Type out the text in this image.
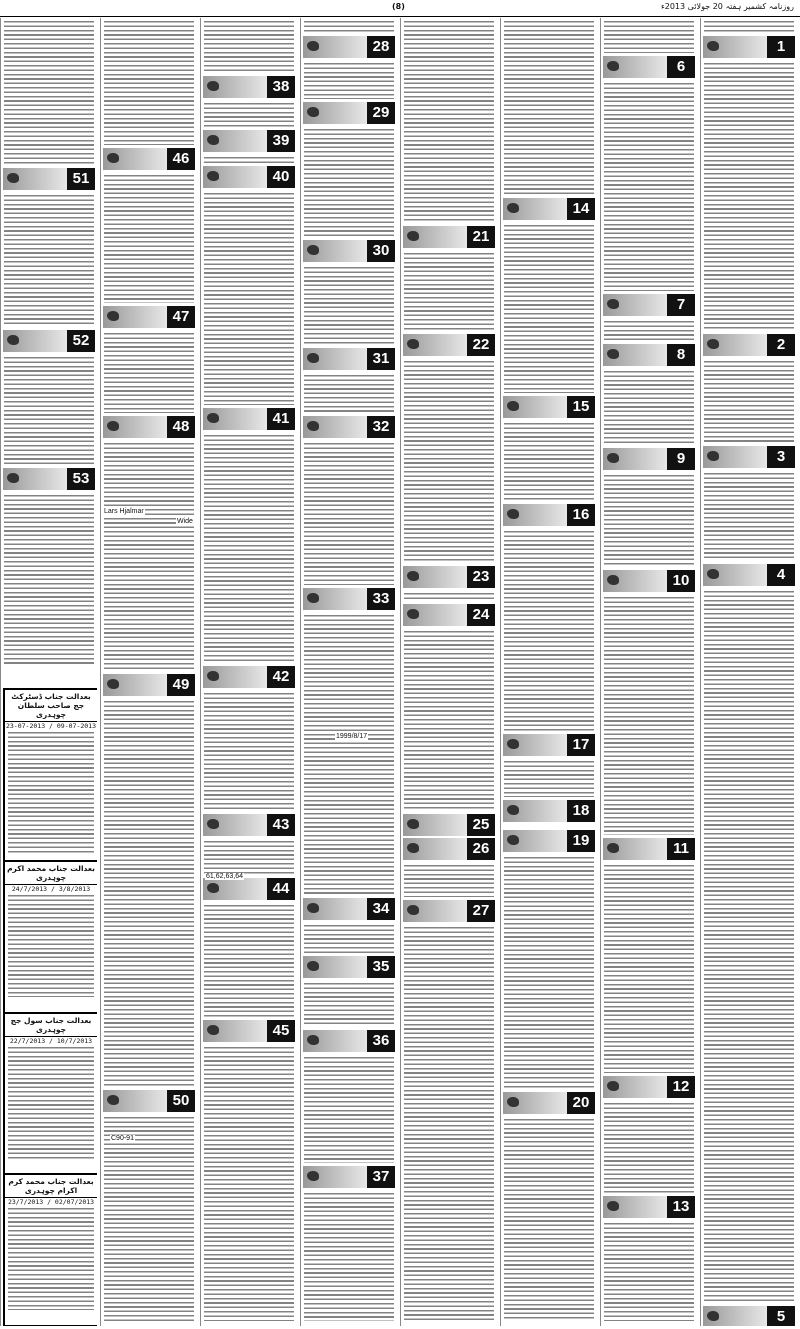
(8)	روزنامہ کشمیر ہفتہ 20 جولائی 2013ء
1
2
3
4
5
6
7
8
9
10
11
12
13
14
15
16
17
18
19
20
21
22
23
24
25
26
27
28
29
30
31
32
33
34
35
36
37
38
39
40
41
42
43
44
45
46
47
48
49
50
51
52
53
بعدالت جناب ڈسٹرکٹ جج صاحب سلطان چوہدری
09-07-2013 / 23-07-2013
بعدالت جناب محمد اکرم چوہدری
3/8/2013 / 24/7/2013
بعدالت جناب سول جج چوہدری
10/7/2013 / 22/7/2013
بعدالت جناب محمد کرم اکرام چوہدری
02/07/2013 / 23/7/2013
Lars Hjalmar
Wide
1999/8/17
61,62,63,64
C90-91
